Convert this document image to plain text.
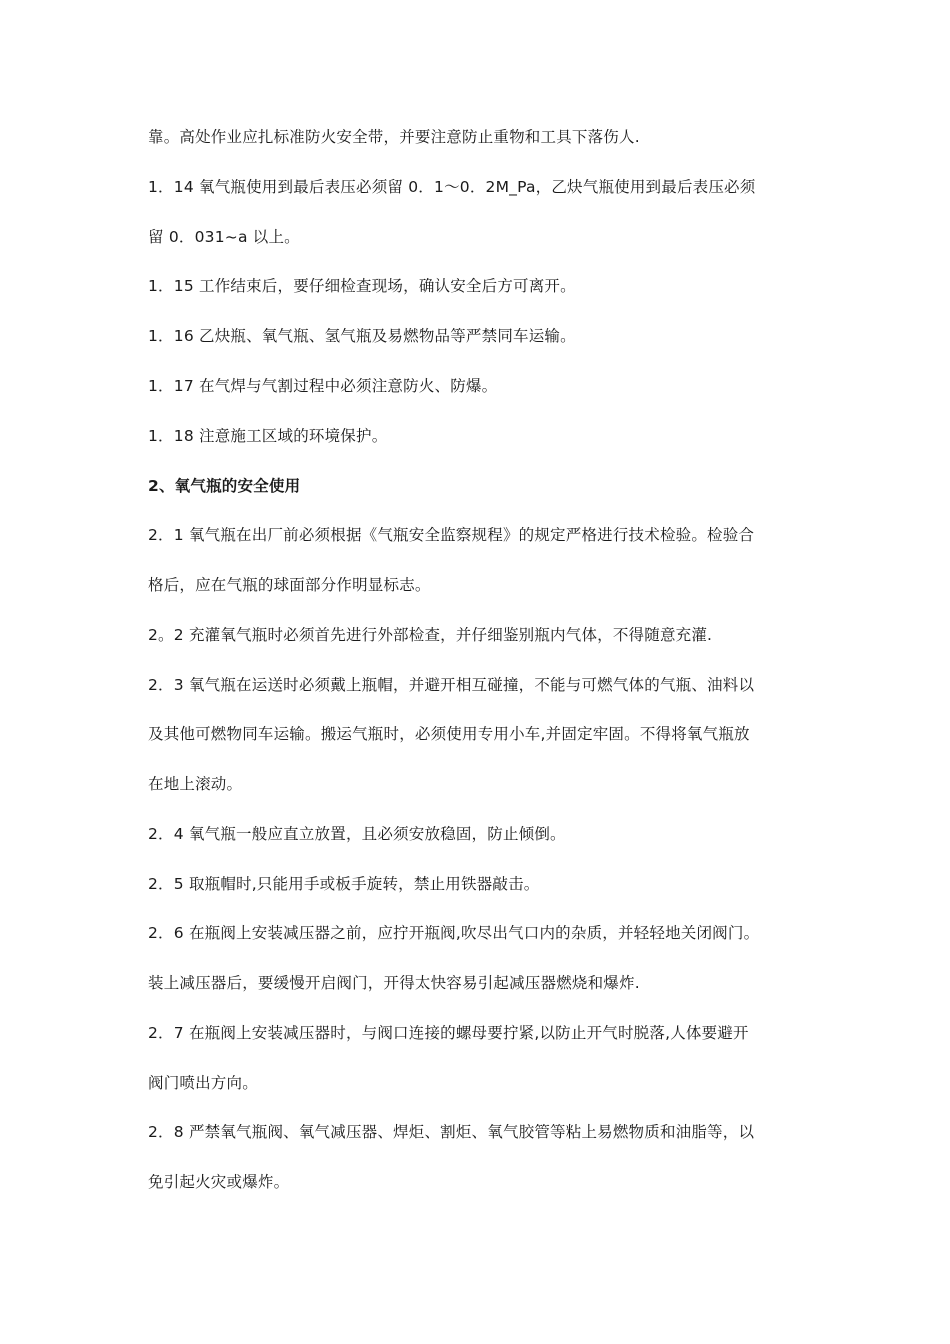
靠。高处作业应扎标准防火安全带，并要注意防止重物和工具下落伤人.
1．14 氧气瓶使用到最后表压必须留 0．1～0．2M_Pa，乙炔气瓶使用到最后表压必须
留 0．031~a 以上。
1．15 工作结束后，要仔细检查现场，确认安全后方可离开。
1．16 乙炔瓶、氧气瓶、氢气瓶及易燃物品等严禁同车运输。
1．17 在气焊与气割过程中必须注意防火、防爆。
1．18 注意施工区域的环境保护。
2、氧气瓶的安全使用
2．1 氧气瓶在出厂前必须根据《气瓶安全监察规程》的规定严格进行技术检验。检验合
格后，应在气瓶的球面部分作明显标志。
2。2 充灌氧气瓶时必须首先进行外部检查，并仔细鉴别瓶内气体，不得随意充灌.
2．3 氧气瓶在运送时必须戴上瓶帽，并避开相互碰撞，不能与可燃气体的气瓶、油料以
及其他可燃物同车运输。搬运气瓶时，必须使用专用小车,并固定牢固。不得将氧气瓶放
在地上滚动。
2．4 氧气瓶一般应直立放置，且必须安放稳固，防止倾倒。
2．5 取瓶帽时,只能用手或板手旋转，禁止用铁器敲击。
2．6 在瓶阀上安装减压器之前，应拧开瓶阀,吹尽出气口内的杂质，并轻轻地关闭阀门。
装上减压器后，要缓慢开启阀门，开得太快容易引起减压器燃烧和爆炸.
2．7 在瓶阀上安装减压器时，与阀口连接的螺母要拧紧,以防止开气时脱落,人体要避开
阀门喷出方向。
2．8 严禁氧气瓶阀、氧气减压器、焊炬、割炬、氧气胶管等粘上易燃物质和油脂等，以
免引起火灾或爆炸。
